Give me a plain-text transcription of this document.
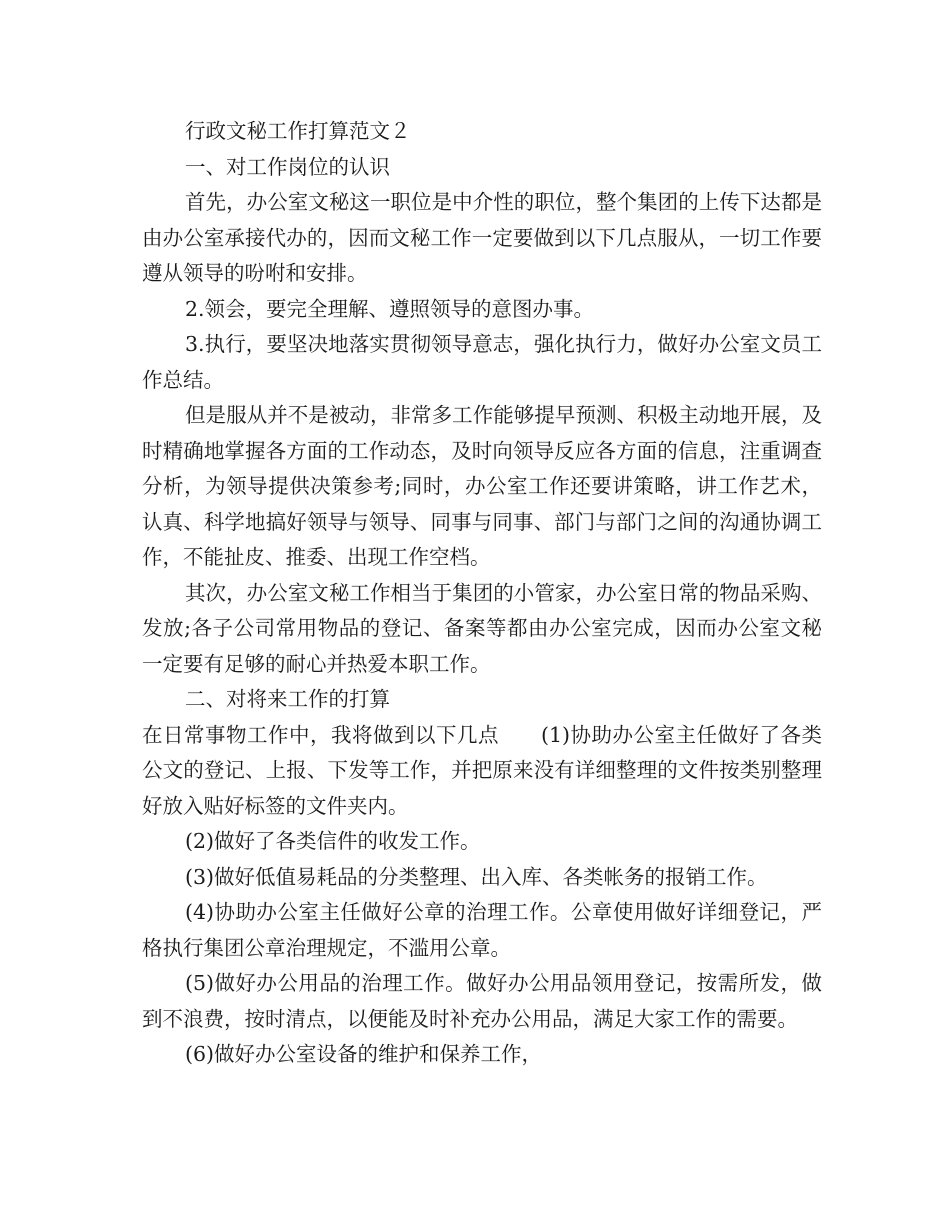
行政文秘工作打算范文２

一、对工作岗位的认识

首先，办公室文秘这一职位是中介性的职位，整个集团的上传下达都是由办公室承接代办的，因而文秘工作一定要做到以下几点服从，一切工作要遵从领导的吩咐和安排。

2.领会，要完全理解、遵照领导的意图办事。

3.执行，要坚决地落实贯彻领导意志，强化执行力，做好办公室文员工作总结。

但是服从并不是被动，非常多工作能够提早预测、积极主动地开展，及时精确地掌握各方面的工作动态，及时向领导反应各方面的信息，注重调查分析，为领导提供决策参考;同时，办公室工作还要讲策略，讲工作艺术，认真、科学地搞好领导与领导、同事与同事、部门与部门之间的沟通协调工作，不能扯皮、推委、出现工作空档。

其次，办公室文秘工作相当于集团的小管家，办公室日常的物品采购、发放;各子公司常用物品的登记、备案等都由办公室完成，因而办公室文秘一定要有足够的耐心并热爱本职工作。

二、对将来工作的打算

在日常事物工作中，我将做到以下几点　　(1)协助办公室主任做好了各类公文的登记、上报、下发等工作，并把原来没有详细整理的文件按类别整理好放入贴好标签的文件夹内。

(2)做好了各类信件的收发工作。

(3)做好低值易耗品的分类整理、出入库、各类帐务的报销工作。

(4)协助办公室主任做好公章的治理工作。公章使用做好详细登记，严格执行集团公章治理规定，不滥用公章。

(5)做好办公用品的治理工作。做好办公用品领用登记，按需所发，做到不浪费，按时清点，以便能及时补充办公用品，满足大家工作的需要。

(6)做好办公室设备的维护和保养工作，
